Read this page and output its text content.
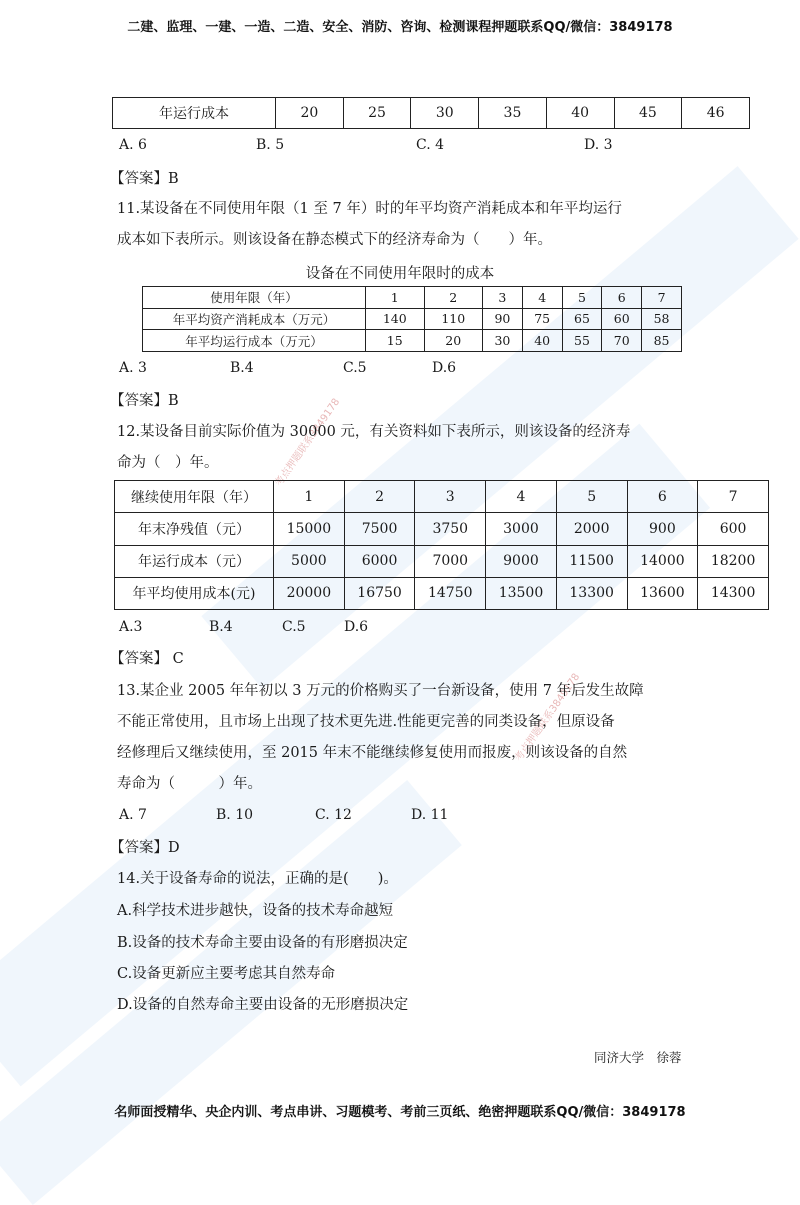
考点押题联系3849178
考点押题联系3849178
二建、监理、一建、一造、二造、安全、消防、咨询、检测课程押题联系QQ/微信：3849178
年运行成本	20	25	30	35	40	45	46
A. 6	B. 5	C. 4	D. 3
【答案】B
11.某设备在不同使用年限（1 至 7 年）时的年平均资产消耗成本和年平均运行
成本如下表所示。则该设备在静态模式下的经济寿命为（　　）年。
设备在不同使用年限时的成本
使用年限（年）	1	2	3	4	5	6	7
年平均资产消耗成本（万元）	140	110	90	75	65	60	58
年平均运行成本（万元）	15	20	30	40	55	70	85
A. 3	B.4	C.5	D.6
【答案】B
12.某设备目前实际价值为 30000 元，有关资料如下表所示，则该设备的经济寿
命为（　）年。
继续使用年限（年）	1	2	3	4	5	6	7
年末净残值（元）	15000	7500	3750	3000	2000	900	600
年运行成本（元）	5000	6000	7000	9000	11500	14000	18200
年平均使用成本(元)	20000	16750	14750	13500	13300	13600	14300
A.3	B.4	C.5	D.6
【答案】 C
13.某企业 2005 年年初以 3 万元的价格购买了一台新设备，使用 7 年后发生故障
不能正常使用，且市场上出现了技术更先进.性能更完善的同类设备，但原设备
经修理后又继续使用，至 2015 年末不能继续修复使用而报废，则该设备的自然
寿命为（　　　）年。
A. 7	B. 10	C. 12	D. 11
【答案】D
14.关于设备寿命的说法，正确的是(　　)。
A.科学技术进步越快，设备的技术寿命越短
B.设备的技术寿命主要由设备的有形磨损决定
C.设备更新应主要考虑其自然寿命
D.设备的自然寿命主要由设备的无形磨损决定
同济大学　徐蓉
名师面授精华、央企内训、考点串讲、习题模考、考前三页纸、绝密押题联系QQ/微信：3849178
